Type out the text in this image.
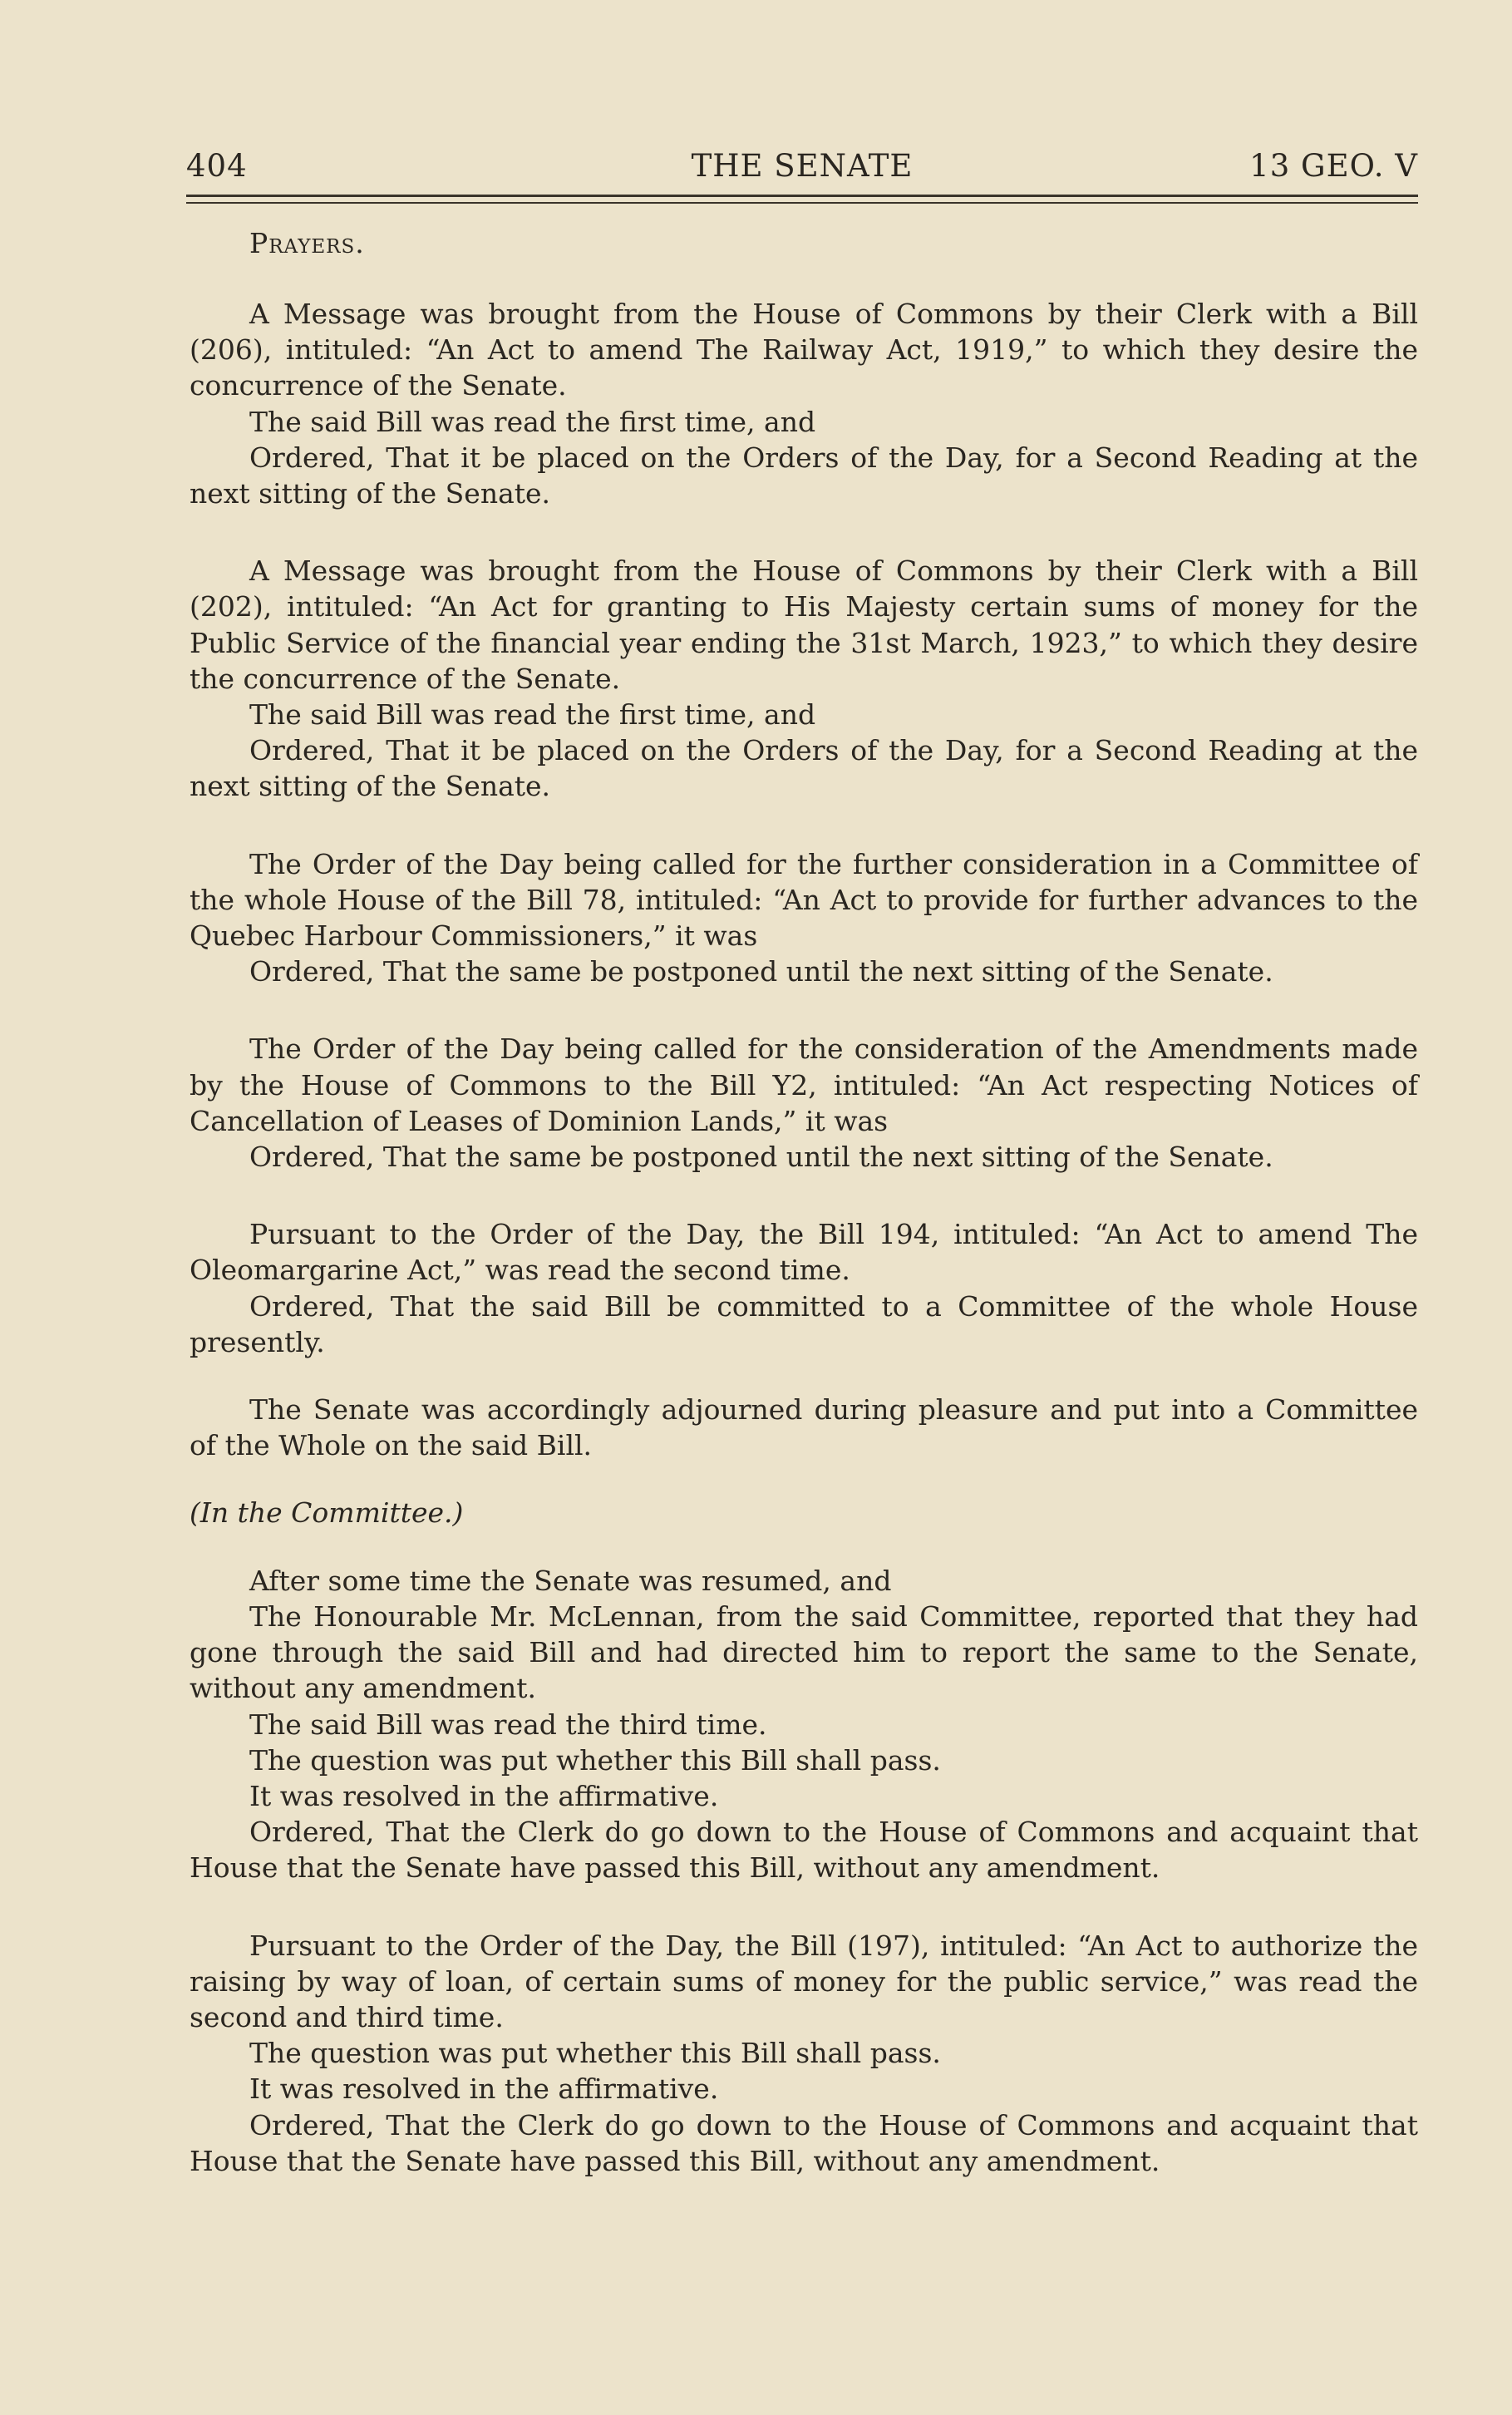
404	THE SENATE	13 GEO. V
Prayers.

A Message was brought from the House of Commons by their Clerk with a Bill (206), intituled: “An Act to amend The Railway Act, 1919,” to which they desire the concurrence of the Senate.

The said Bill was read the first time, and

Ordered, That it be placed on the Orders of the Day, for a Second Reading at the next sitting of the Senate.

A Message was brought from the House of Commons by their Clerk with a Bill (202), intituled: “An Act for granting to His Majesty certain sums of money for the Public Service of the financial year ending the 31st March, 1923,” to which they desire the concurrence of the Senate.

The said Bill was read the first time, and

Ordered, That it be placed on the Orders of the Day, for a Second Reading at the next sitting of the Senate.

The Order of the Day being called for the further consideration in a Committee of the whole House of the Bill 78, intituled: “An Act to provide for further advances to the Quebec Harbour Commissioners,” it was

Ordered, That the same be postponed until the next sitting of the Senate.

The Order of the Day being called for the consideration of the Amendments made by the House of Commons to the Bill Y2, intituled: “An Act respecting Notices of Cancellation of Leases of Dominion Lands,” it was

Ordered, That the same be postponed until the next sitting of the Senate.

Pursuant to the Order of the Day, the Bill 194, intituled: “An Act to amend The Oleomargarine Act,” was read the second time.

Ordered, That the said Bill be committed to a Committee of the whole House presently.

The Senate was accordingly adjourned during pleasure and put into a Committee of the Whole on the said Bill.

(In the Committee.)

After some time the Senate was resumed, and

The Honourable Mr. McLennan, from the said Committee, reported that they had gone through the said Bill and had directed him to report the same to the Senate, without any amendment.

The said Bill was read the third time.

The question was put whether this Bill shall pass.

It was resolved in the affirmative.

Ordered, That the Clerk do go down to the House of Commons and acquaint that House that the Senate have passed this Bill, without any amendment.

Pursuant to the Order of the Day, the Bill (197), intituled: “An Act to authorize the raising by way of loan, of certain sums of money for the public service,” was read the second and third time.

The question was put whether this Bill shall pass.

It was resolved in the affirmative.

Ordered, That the Clerk do go down to the House of Commons and acquaint that House that the Senate have passed this Bill, without any amendment.
